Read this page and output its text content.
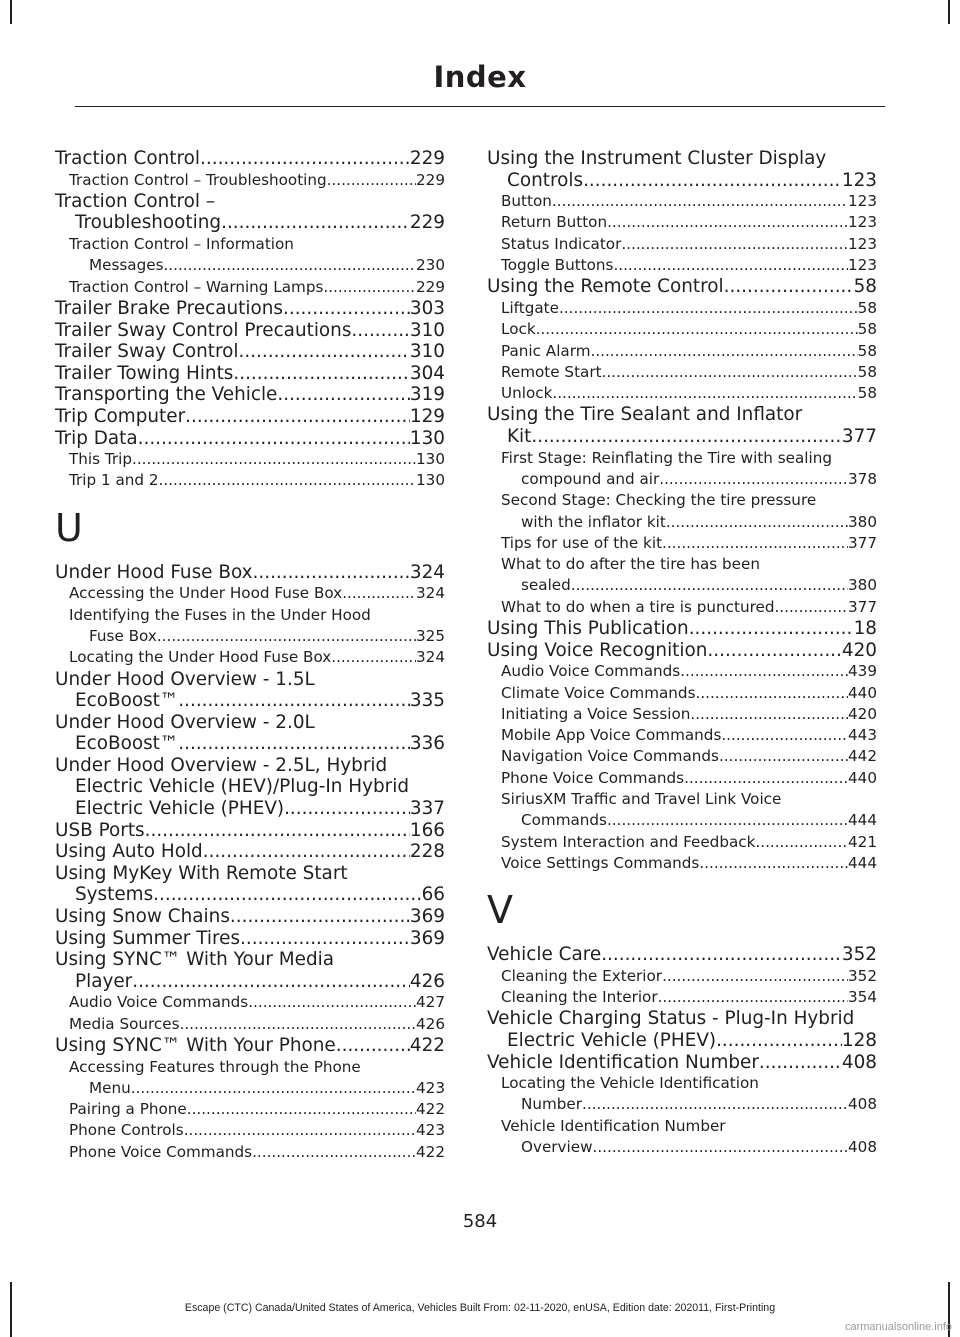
Index
Traction Control .....	229
Traction Control – Troubleshooting .....	229
Traction Control –
Troubleshooting .....	229
Traction Control – Information
Messages .....	230
Traction Control – Warning Lamps .....	229
Trailer Brake Precautions .....	303
Trailer Sway Control Precautions .....	310
Trailer Sway Control .....	310
Trailer Towing Hints .....	304
Transporting the Vehicle .....	319
Trip Computer .....	129
Trip Data .....	130
This Trip .....	130
Trip 1 and 2 .....	130
U
Under Hood Fuse Box .....	324
Accessing the Under Hood Fuse Box .....	324
Identifying the Fuses in the Under Hood
Fuse Box .....	325
Locating the Under Hood Fuse Box .....	324
Under Hood Overview - 1.5L
EcoBoost™ .....	335
Under Hood Overview - 2.0L
EcoBoost™ .....	336
Under Hood Overview - 2.5L, Hybrid
Electric Vehicle (HEV)/Plug-In Hybrid
Electric Vehicle (PHEV) .....	337
USB Ports .....	166
Using Auto Hold .....	228
Using MyKey With Remote Start
Systems .....	66
Using Snow Chains .....	369
Using Summer Tires .....	369
Using SYNC™ With Your Media
Player .....	426
Audio Voice Commands .....	427
Media Sources .....	426
Using SYNC™ With Your Phone .....	422
Accessing Features through the Phone
Menu .....	423
Pairing a Phone .....	422
Phone Controls .....	423
Phone Voice Commands .....	422
Using the Instrument Cluster Display
Controls .....	123
Button .....	123
Return Button .....	123
Status Indicator .....	123
Toggle Buttons .....	123
Using the Remote Control .....	58
Liftgate .....	58
Lock .....	58
Panic Alarm .....	58
Remote Start .....	58
Unlock .....	58
Using the Tire Sealant and Inflator
Kit .....	377
First Stage: Reinflating the Tire with sealing
compound and air .....	378
Second Stage: Checking the tire pressure
with the inflator kit .....	380
Tips for use of the kit .....	377
What to do after the tire has been
sealed .....	380
What to do when a tire is punctured .....	377
Using This Publication .....	18
Using Voice Recognition .....	420
Audio Voice Commands .....	439
Climate Voice Commands .....	440
Initiating a Voice Session .....	420
Mobile App Voice Commands .....	443
Navigation Voice Commands .....	442
Phone Voice Commands .....	440
SiriusXM Traffic and Travel Link Voice
Commands .....	444
System Interaction and Feedback .....	421
Voice Settings Commands .....	444
V
Vehicle Care .....	352
Cleaning the Exterior .....	352
Cleaning the Interior .....	354
Vehicle Charging Status - Plug-In Hybrid
Electric Vehicle (PHEV) .....	128
Vehicle Identification Number .....	408
Locating the Vehicle Identification
Number .....	408
Vehicle Identification Number
Overview .....	408
584
Escape (CTC) Canada/United States of America, Vehicles Built From: 02-11-2020, enUSA, Edition date: 202011, First-Printing
carmanualsonline.info
